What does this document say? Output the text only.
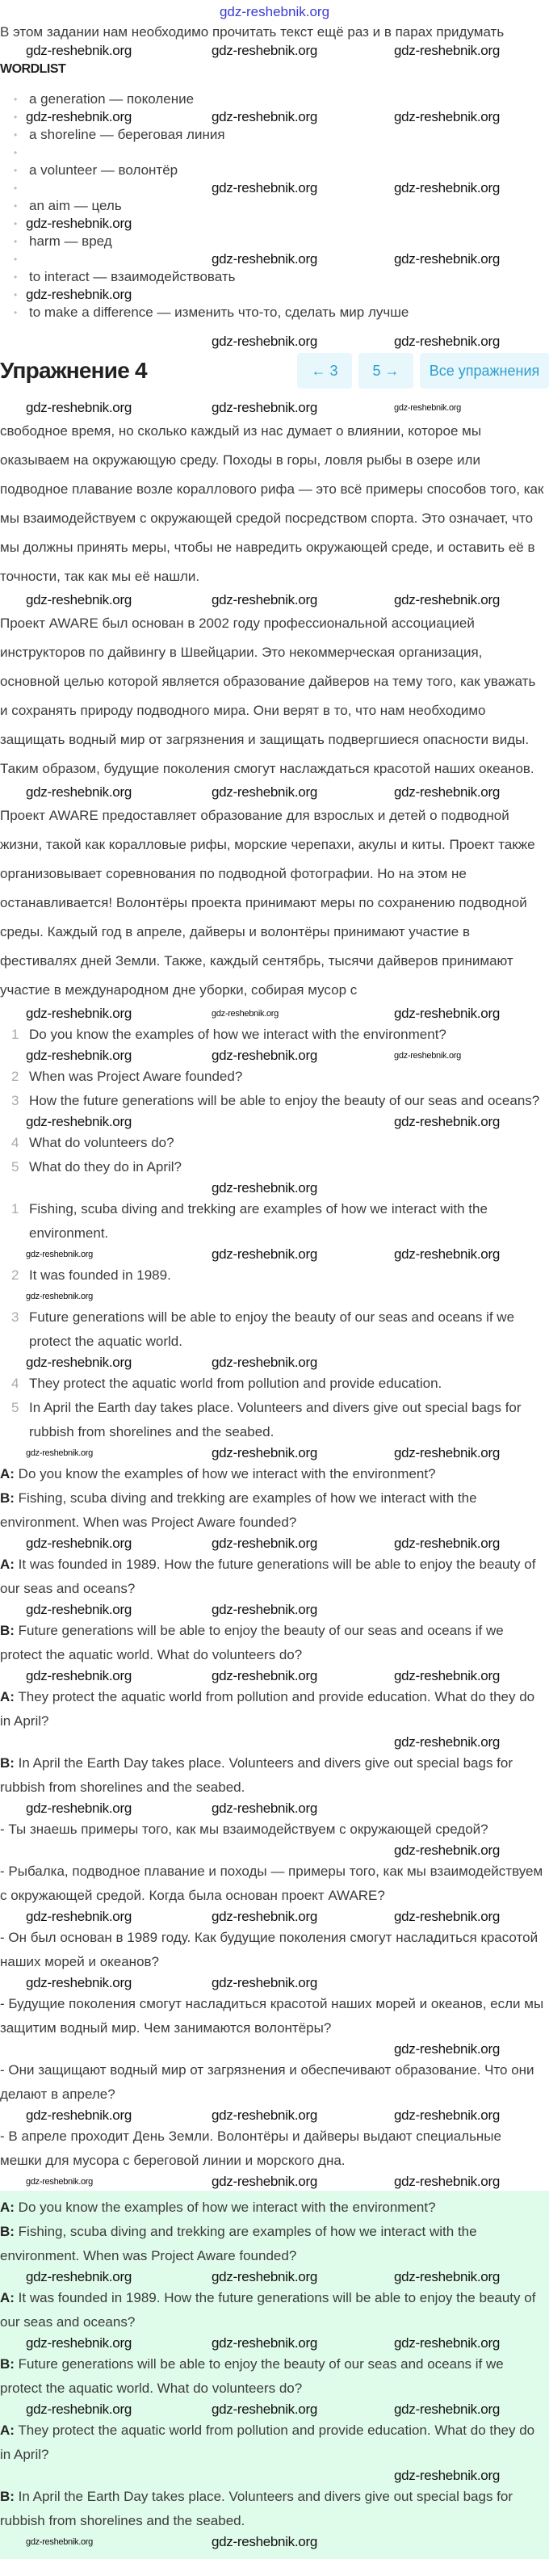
gdz-reshebnik.org
В этом задании нам необходимо прочитать текст ещё раз и в парах придумать
gdz-reshebnik.org	gdz-reshebnik.org	gdz-reshebnik.org
WORDLIST
• a generation — поколение
• gdz-reshebnik.org	gdz-reshebnik.org	gdz-reshebnik.org
• a shoreline — береговая линия
•
• a volunteer — волонтёр
• gdz-reshebnik.org	gdz-reshebnik.org
• an aim — цель
• gdz-reshebnik.org
• harm — вред
• gdz-reshebnik.org	gdz-reshebnik.org
• to interact — взаимодействовать
• gdz-reshebnik.org
• to make a difference — изменить что-то, сделать мир лучше
gdz-reshebnik.org	gdz-reshebnik.org
Упражнение 4	← 3	5 →	Все упражнения
gdz-reshebnik.org	gdz-reshebnik.org	gdz-reshebnik.org
свободное время, но сколько каждый из нас думает о влиянии, которое мы оказываем на окружающую среду. Походы в горы, ловля рыбы в озере или подводное плавание возле кораллового рифа — это всё примеры способов того, как мы взаимодействуем с окружающей средой посредством спорта. Это означает, что мы должны принять меры, чтобы не навредить окружающей среде, и оставить её в точности, так как мы её нашли.
gdz-reshebnik.org	gdz-reshebnik.org	gdz-reshebnik.org
Проект AWARE был основан в 2002 году профессиональной ассоциацией инструкторов по дайвингу в Швейцарии. Это некоммерческая организация, основной целью которой является образование дайверов на тему того, как уважать и сохранять природу подводного мира. Они верят в то, что нам необходимо защищать водный мир от загрязнения и защищать подвергшиеся опасности виды. Таким образом, будущие поколения смогут наслаждаться красотой наших океанов.
gdz-reshebnik.org	gdz-reshebnik.org	gdz-reshebnik.org
Проект AWARE предоставляет образование для взрослых и детей о подводной жизни, такой как коралловые рифы, морские черепахи, акулы и киты. Проект также организовывает соревнования по подводной фотографии. Но на этом не останавливается! Волонтёры проекта принимают меры по сохранению подводной среды. Каждый год в апреле, дайверы и волонтёры принимают участие в фестивалях дней Земли. Также, каждый сентябрь, тысячи дайверов принимают участие в международном дне уборки, собирая мусор с
gdz-reshebnik.org	gdz-reshebnik.org	gdz-reshebnik.org
1 Do you know the examples of how we interact with the environment?
gdz-reshebnik.org	gdz-reshebnik.org	gdz-reshebnik.org
2 When was Project Aware founded?
3 How the future generations will be able to enjoy the beauty of our seas and oceans?
gdz-reshebnik.org	gdz-reshebnik.org
4 What do volunteers do?
5 What do they do in April?
gdz-reshebnik.org
1 Fishing, scuba diving and trekking are examples of how we interact with the environment.
gdz-reshebnik.org	gdz-reshebnik.org	gdz-reshebnik.org
2 It was founded in 1989.
gdz-reshebnik.org
3 Future generations will be able to enjoy the beauty of our seas and oceans if we protect the aquatic world.
gdz-reshebnik.org	gdz-reshebnik.org
4 They protect the aquatic world from pollution and provide education.
5 In April the Earth day takes place. Volunteers and divers give out special bags for rubbish from shorelines and the seabed.
gdz-reshebnik.org	gdz-reshebnik.org	gdz-reshebnik.org
A: Do you know the examples of how we interact with the environment?
B: Fishing, scuba diving and trekking are examples of how we interact with the environment. When was Project Aware founded?
gdz-reshebnik.org	gdz-reshebnik.org	gdz-reshebnik.org
A: It was founded in 1989. How the future generations will be able to enjoy the beauty of our seas and oceans?
gdz-reshebnik.org	gdz-reshebnik.org
B: Future generations will be able to enjoy the beauty of our seas and oceans if we protect the aquatic world. What do volunteers do?
gdz-reshebnik.org	gdz-reshebnik.org	gdz-reshebnik.org
A: They protect the aquatic world from pollution and provide education. What do they do in April?
gdz-reshebnik.org
B: In April the Earth Day takes place. Volunteers and divers give out special bags for rubbish from shorelines and the seabed.
gdz-reshebnik.org	gdz-reshebnik.org
- Ты знаешь примеры того, как мы взаимодействуем с окружающей средой?
gdz-reshebnik.org
- Рыбалка, подводное плавание и походы — примеры того, как мы взаимодействуем с окружающей средой. Когда была основан проект AWARE?
gdz-reshebnik.org	gdz-reshebnik.org	gdz-reshebnik.org
- Он был основан в 1989 году. Как будущие поколения смогут насладиться красотой наших морей и океанов?
gdz-reshebnik.org	gdz-reshebnik.org
- Будущие поколения смогут насладиться красотой наших морей и океанов, если мы защитим водный мир. Чем занимаются волонтёры?
gdz-reshebnik.org
- Они защищают водный мир от загрязнения и обеспечивают образование. Что они делают в апреле?
gdz-reshebnik.org	gdz-reshebnik.org	gdz-reshebnik.org
- В апреле проходит День Земли. Волонтёры и дайверы выдают специальные мешки для мусора с береговой линии и морского дна.
gdz-reshebnik.org	gdz-reshebnik.org	gdz-reshebnik.org
A: Do you know the examples of how we interact with the environment?
B: Fishing, scuba diving and trekking are examples of how we interact with the environment. When was Project Aware founded?
gdz-reshebnik.org	gdz-reshebnik.org	gdz-reshebnik.org
A: It was founded in 1989. How the future generations will be able to enjoy the beauty of our seas and oceans?
gdz-reshebnik.org	gdz-reshebnik.org	gdz-reshebnik.org
B: Future generations will be able to enjoy the beauty of our seas and oceans if we protect the aquatic world. What do volunteers do?
gdz-reshebnik.org	gdz-reshebnik.org	gdz-reshebnik.org
A: They protect the aquatic world from pollution and provide education. What do they do in April?
gdz-reshebnik.org
B: In April the Earth Day takes place. Volunteers and divers give out special bags for rubbish from shorelines and the seabed.
gdz-reshebnik.org	gdz-reshebnik.org
